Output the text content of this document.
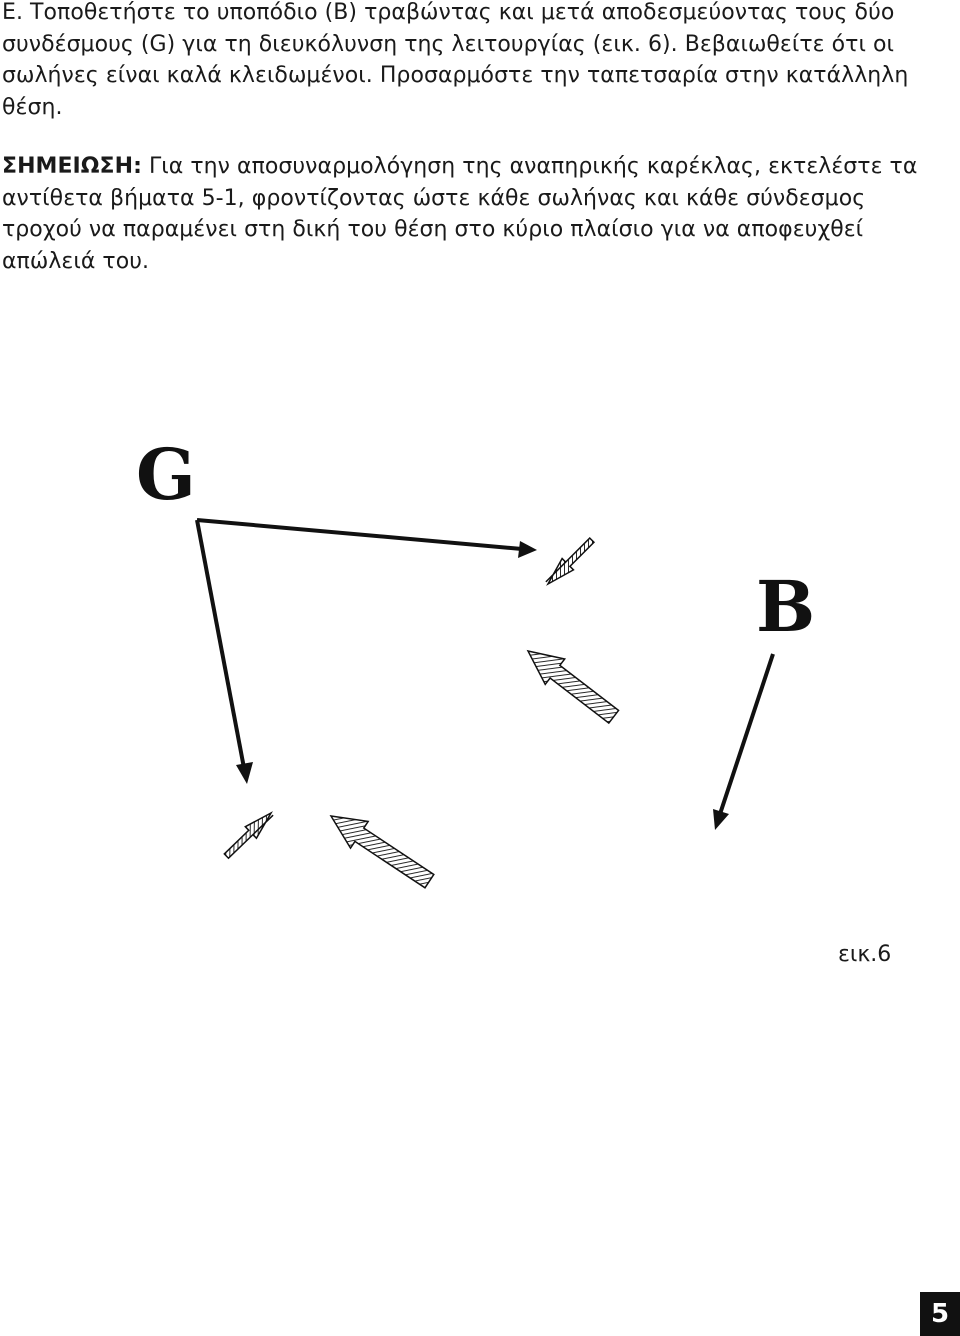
Ε. Τοποθετήστε το υποπόδιο (B) τραβώντας και μετά αποδεσμεύοντας τους δύο συνδέσμους (G) για τη διευκόλυνση της λειτουργίας (εικ. 6). Βεβαιωθείτε ότι οι σωλήνες είναι καλά κλειδωμένοι. Προσαρμόστε την ταπετσαρία στην κατάλληλη θέση.

ΣΗΜΕΙΩΣΗ: Για την αποσυναρμολόγηση της αναπηρικής καρέκλας, εκτελέστε τα αντίθετα βήματα 5-1, φροντίζοντας ώστε κάθε σωλήνας και κάθε σύνδεσμος τροχού να παραμένει στη δική του θέση στο κύριο πλαίσιο για να αποφευχθεί απώλειά του.

G
B
εικ.6
5
